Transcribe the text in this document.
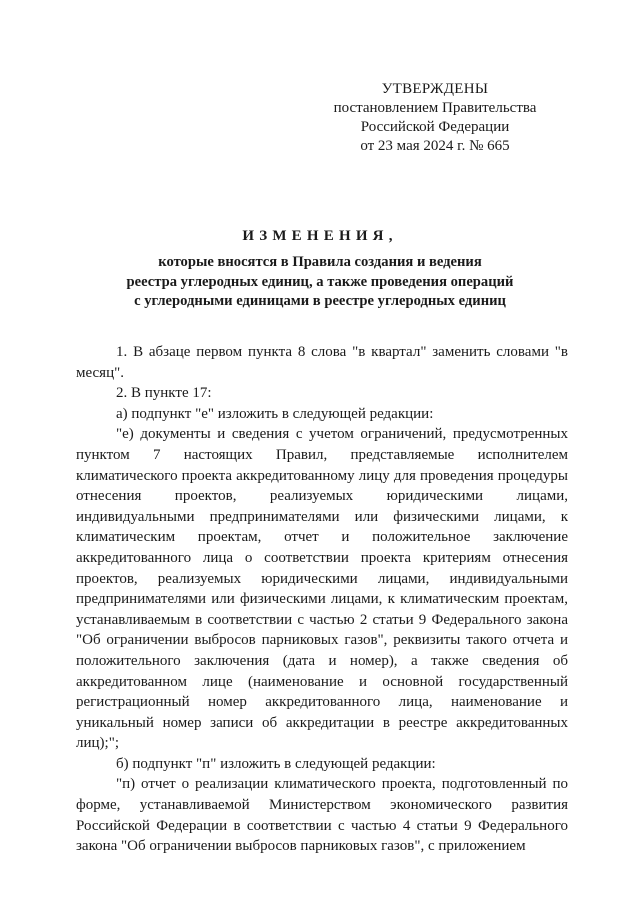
УТВЕРЖДЕНЫ
постановлением Правительства
Российской Федерации
от 23 мая 2024 г. № 665
ИЗМЕНЕНИЯ,
которые вносятся в Правила создания и ведения
реестра углеродных единиц, а также проведения операций
с углеродными единицами в реестре углеродных единиц

1. В абзаце первом пункта 8 слова "в квартал" заменить словами "в месяц".

2. В пункте 17:

а) подпункт "е" изложить в следующей редакции:

"е) документы и сведения с учетом ограничений, предусмотренных пунктом 7 настоящих Правил, представляемые исполнителем климатического проекта аккредитованному лицу для проведения процедуры отнесения проектов, реализуемых юридическими лицами, индивидуальными предпринимателями или физическими лицами, к климатическим проектам, отчет и положительное заключение аккредитованного лица о соответствии проекта критериям отнесения проектов, реализуемых юридическими лицами, индивидуальными предпринимателями или физическими лицами, к климатическим проектам, устанавливаемым в соответствии с частью 2 статьи 9 Федерального закона "Об ограничении выбросов парниковых газов", реквизиты такого отчета и положительного заключения (дата и номер), а также сведения об аккредитованном лице (наименование и основной государственный регистрационный номер аккредитованного лица, наименование и уникальный номер записи об аккредитации в реестре аккредитованных лиц);";

б) подпункт "п" изложить в следующей редакции:

"п) отчет о реализации климатического проекта, подготовленный по форме, устанавливаемой Министерством экономического развития Российской Федерации в соответствии с частью 4 статьи 9 Федерального закона "Об ограничении выбросов парниковых газов", с приложением
